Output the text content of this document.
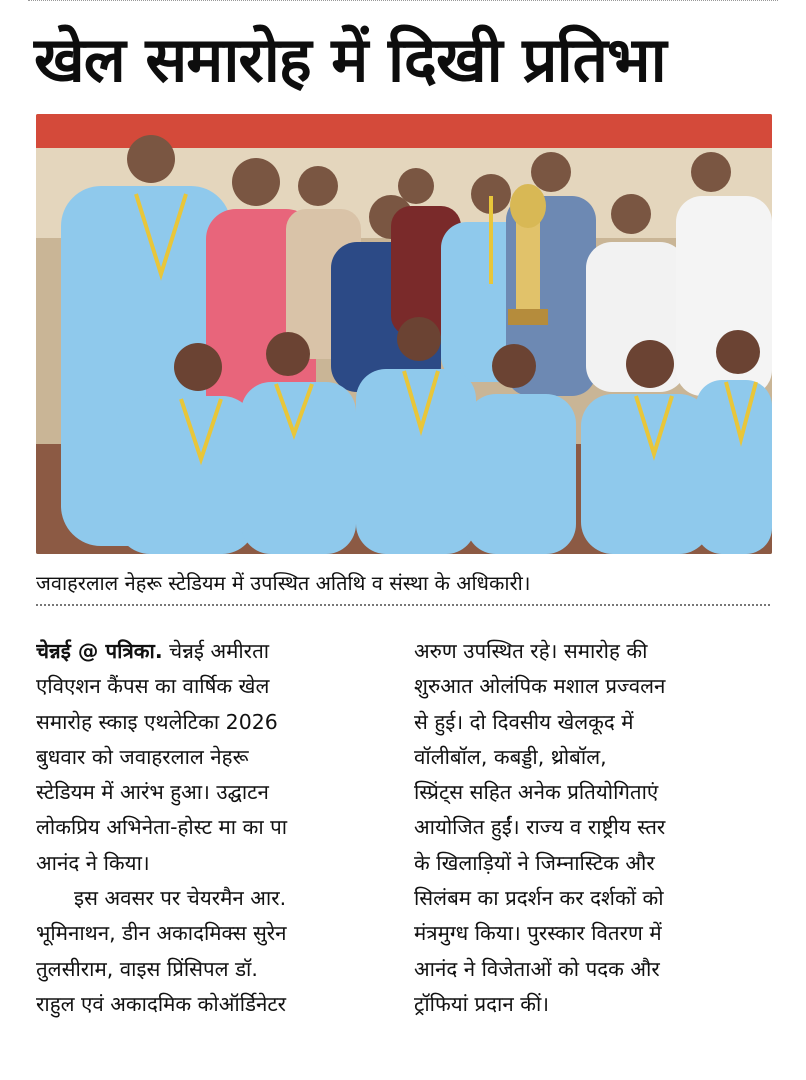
खेल समारोह में दिखी प्रतिभा
जवाहरलाल नेहरू स्टेडियम में उपस्थित अतिथि व संस्था के अधिकारी।
चेन्नई @ पत्रिका. चेन्नई अमीरता
एविएशन कैंपस का वार्षिक खेल
समारोह स्काइ एथलेटिका 2026
बुधवार को जवाहरलाल नेहरू
स्टेडियम में आरंभ हुआ। उद्घाटन
लोकप्रिय अभिनेता-होस्ट मा का पा
आनंद ने किया।
इस अवसर पर चेयरमैन आर.
भूमिनाथन, डीन अकादमिक्स सुरेन
तुलसीराम, वाइस प्रिंसिपल डॉ.
राहुल एवं अकादमिक कोऑर्डिनेटर
अरुण उपस्थित रहे। समारोह की
शुरुआत ओलंपिक मशाल प्रज्वलन
से हुई। दो दिवसीय खेलकूद में
वॉलीबॉल, कबड्डी, थ्रोबॉल,
स्प्रिंट्स सहित अनेक प्रतियोगिताएं
आयोजित हुईं। राज्य व राष्ट्रीय स्तर
के खिलाड़ियों ने जिम्नास्टिक और
सिलंबम का प्रदर्शन कर दर्शकों को
मंत्रमुग्ध किया। पुरस्कार वितरण में
आनंद ने विजेताओं को पदक और
ट्रॉफियां प्रदान कीं।
